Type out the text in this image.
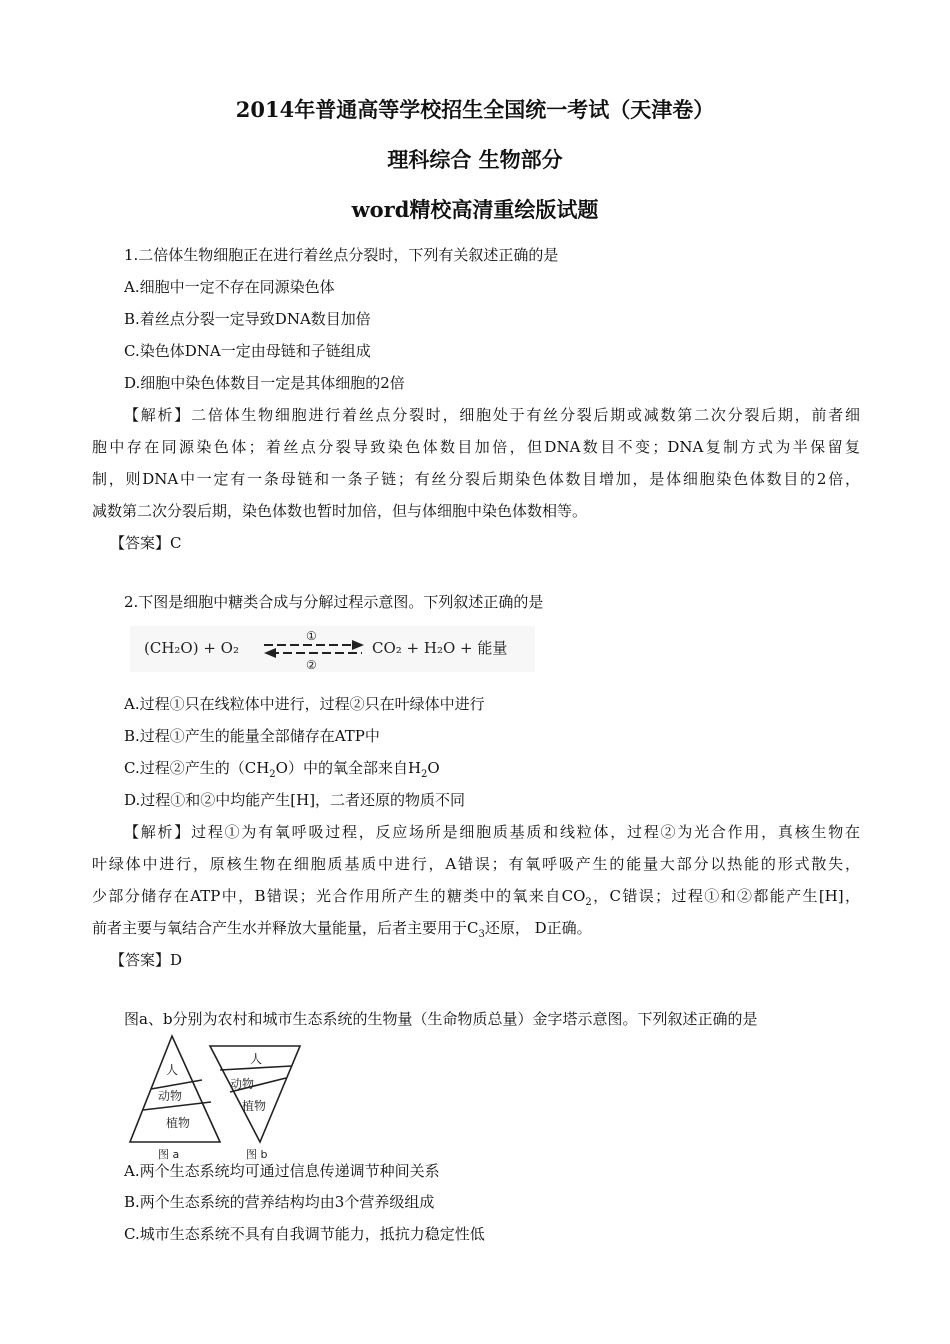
2014年普通高等学校招生全国统一考试（天津卷）
理科综合 生物部分
word精校高清重绘版试题

1.二倍体生物细胞正在进行着丝点分裂时，下列有关叙述正确的是

A.细胞中一定不存在同源染色体

B.着丝点分裂一定导致DNA数目加倍

C.染色体DNA一定由母链和子链组成

D.细胞中染色体数目一定是其体细胞的2倍

【解析】二倍体生物细胞进行着丝点分裂时，细胞处于有丝分裂后期或减数第二次分裂后期，前者细

胞中存在同源染色体；着丝点分裂导致染色体数目加倍，但DNA数目不变；DNA复制方式为半保留复

制，则DNA中一定有一条母链和一条子链；有丝分裂后期染色体数目增加，是体细胞染色体数目的2倍，

减数第二次分裂后期，染色体数也暂时加倍，但与体细胞中染色体数相等。

【答案】C

2.下图是细胞中糖类合成与分解过程示意图。下列叙述正确的是

(CH₂O) + O₂
①
②
CO₂ + H₂O + 能量

A.过程①只在线粒体中进行，过程②只在叶绿体中进行

B.过程①产生的能量全部储存在ATP中

C.过程②产生的$(CH_2O)$中的氧全部来自$H_2O$

D.过程①和②中均能产生[H]，二者还原的物质不同

【解析】过程①为有氧呼吸过程，反应场所是细胞质基质和线粒体，过程②为光合作用，真核生物在

叶绿体中进行，原核生物在细胞质基质中进行，A错误；有氧呼吸产生的能量大部分以热能的形式散失，

少部分储存在ATP中，B错误；光合作用所产生的糖类中的氧来自$CO_2$，C错误；过程①和②都能产生[H]，

前者主要与氧结合产生水并释放大量能量，后者主要用于$C_3$还原， D正确。

【答案】D

图a、b分别为农村和城市生态系统的生物量（生命物质总量）金字塔示意图。下列叙述正确的是

人
动物
植物
人
动物
植物
图 a	图 b

A.两个生态系统均可通过信息传递调节种间关系

B.两个生态系统的营养结构均由3个营养级组成

C.城市生态系统不具有自我调节能力，抵抗力稳定性低
